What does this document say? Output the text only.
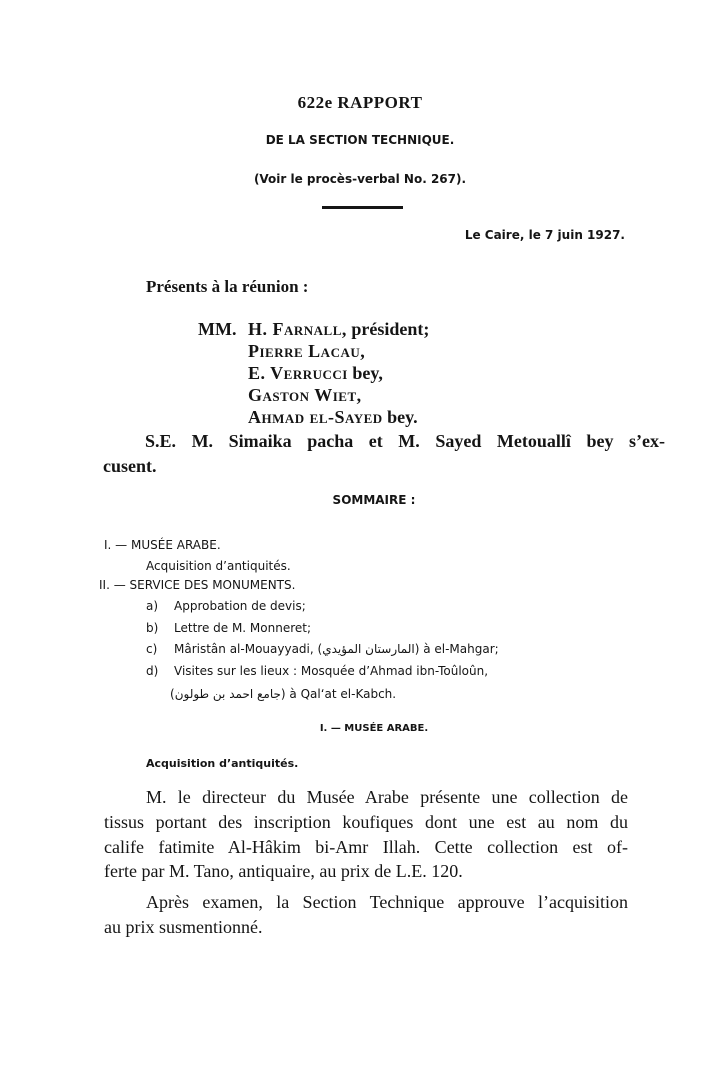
622e RAPPORT
DE LA SECTION TECHNIQUE.
(Voir le procès-verbal No. 267).
Le Caire, le 7 juin 1927.
Présents à la réunion :
MM. H. Farnall, président;
Pierre Lacau,
E. Verrucci bey,
Gaston Wiet,
Ahmad el-Sayed bey.
S.E. M. Simaika pacha et M. Sayed Metouallî bey s’ex-
cusent.
SOMMAIRE :
I. — MUSÉE ARABE.
Acquisition d’antiquités.
II. — SERVICE DES MONUMENTS.
a) Approbation de devis;
b) Lettre de M. Monneret;
c) Mâristân al-Mouayyadi, (المارستان المؤيدي) à el-Mahgar;
d) Visites sur les lieux : Mosquée d’Ahmad ibn-Toûloûn,
(جامع احمد بن طولون) à Qal‘at el-Kabch.
I. — MUSÉE ARABE.
Acquisition d’antiquités.
M. le directeur du Musée Arabe présente une collection de
tissus portant des inscription koufiques dont une est au nom du
calife fatimite Al-Hâkim bi-Amr Illah. Cette collection est of-
ferte par M. Tano, antiquaire, au prix de L.E. 120.
Après examen, la Section Technique approuve l’acquisition
au prix susmentionné.
